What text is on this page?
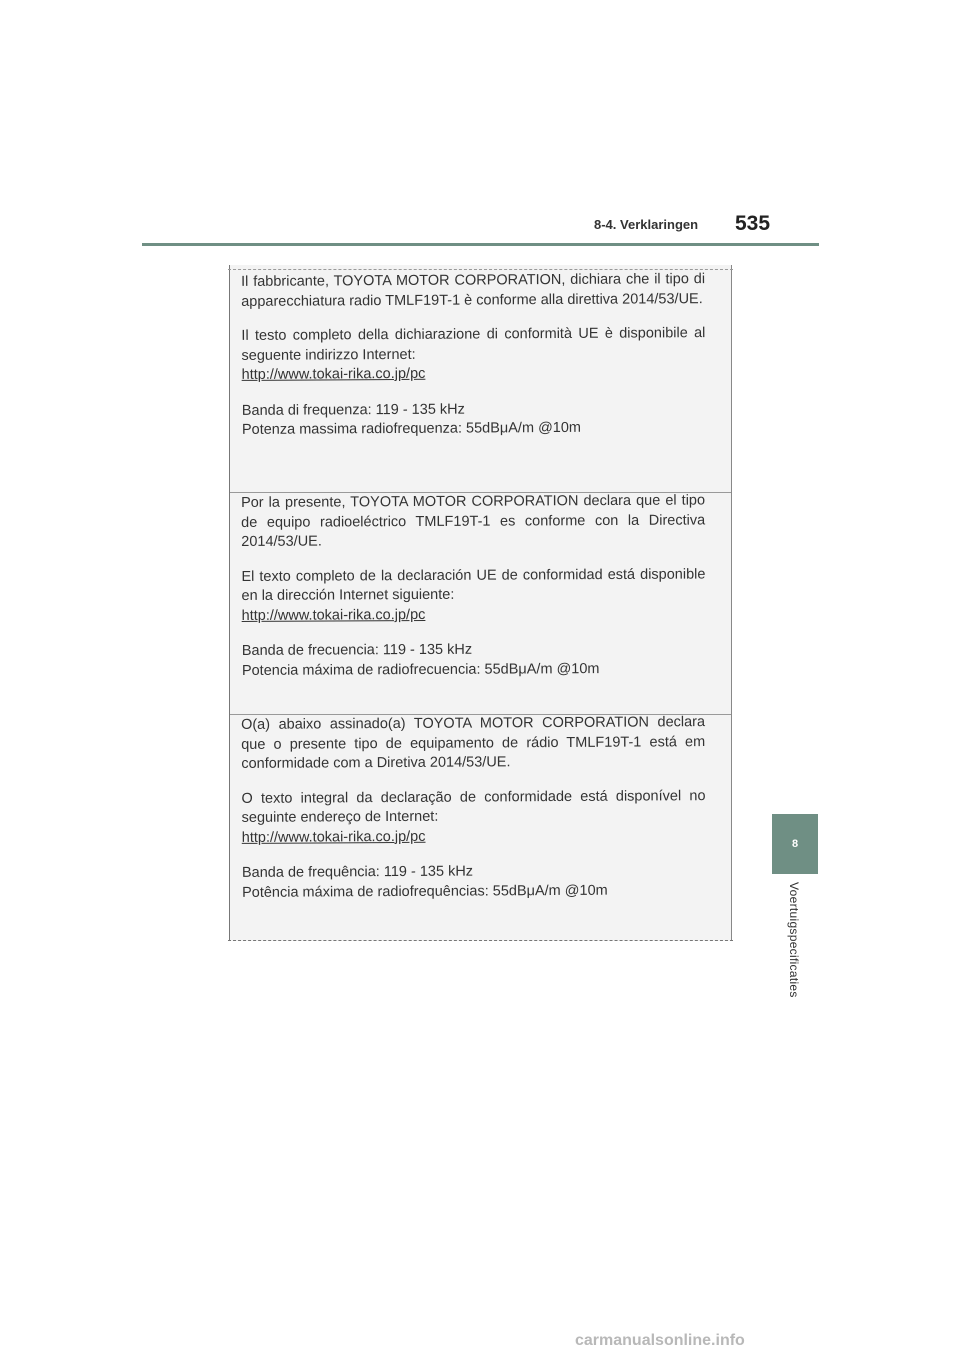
8-4. Verklaringen 535
8
Voertuigspecificaties

Il fabbricante, TOYOTA MOTOR CORPORATION, dichiara che il tipo di apparecchiatura radio TMLF19T-1 è conforme alla direttiva 2014/53/UE.

Il testo completo della dichiarazione di conformità UE è disponibile al seguente indirizzo Internet:

http://www.tokai-rika.co.jp/pc

Banda di frequenza: 119 - 135 kHz

Potenza massima radiofrequenza: 55dBμA/m @10m

Por la presente, TOYOTA MOTOR CORPORATION declara que el tipo de equipo radioeléctrico TMLF19T-1 es conforme con la Directiva 2014/53/UE.

El texto completo de la declaración UE de conformidad está disponible en la dirección Internet siguiente:

http://www.tokai-rika.co.jp/pc

Banda de frecuencia: 119 - 135 kHz

Potencia máxima de radiofrecuencia: 55dBμA/m @10m

O(a) abaixo assinado(a) TOYOTA MOTOR CORPORATION declara que o presente tipo de equipamento de rádio TMLF19T-1 está em conformidade com a Diretiva 2014/53/UE.

O texto integral da declaração de conformidade está disponível no seguinte endereço de Internet:

http://www.tokai-rika.co.jp/pc

Banda de frequência: 119 - 135 kHz

Potência máxima de radiofrequências: 55dBμA/m @10m

carmanualsonline.info
